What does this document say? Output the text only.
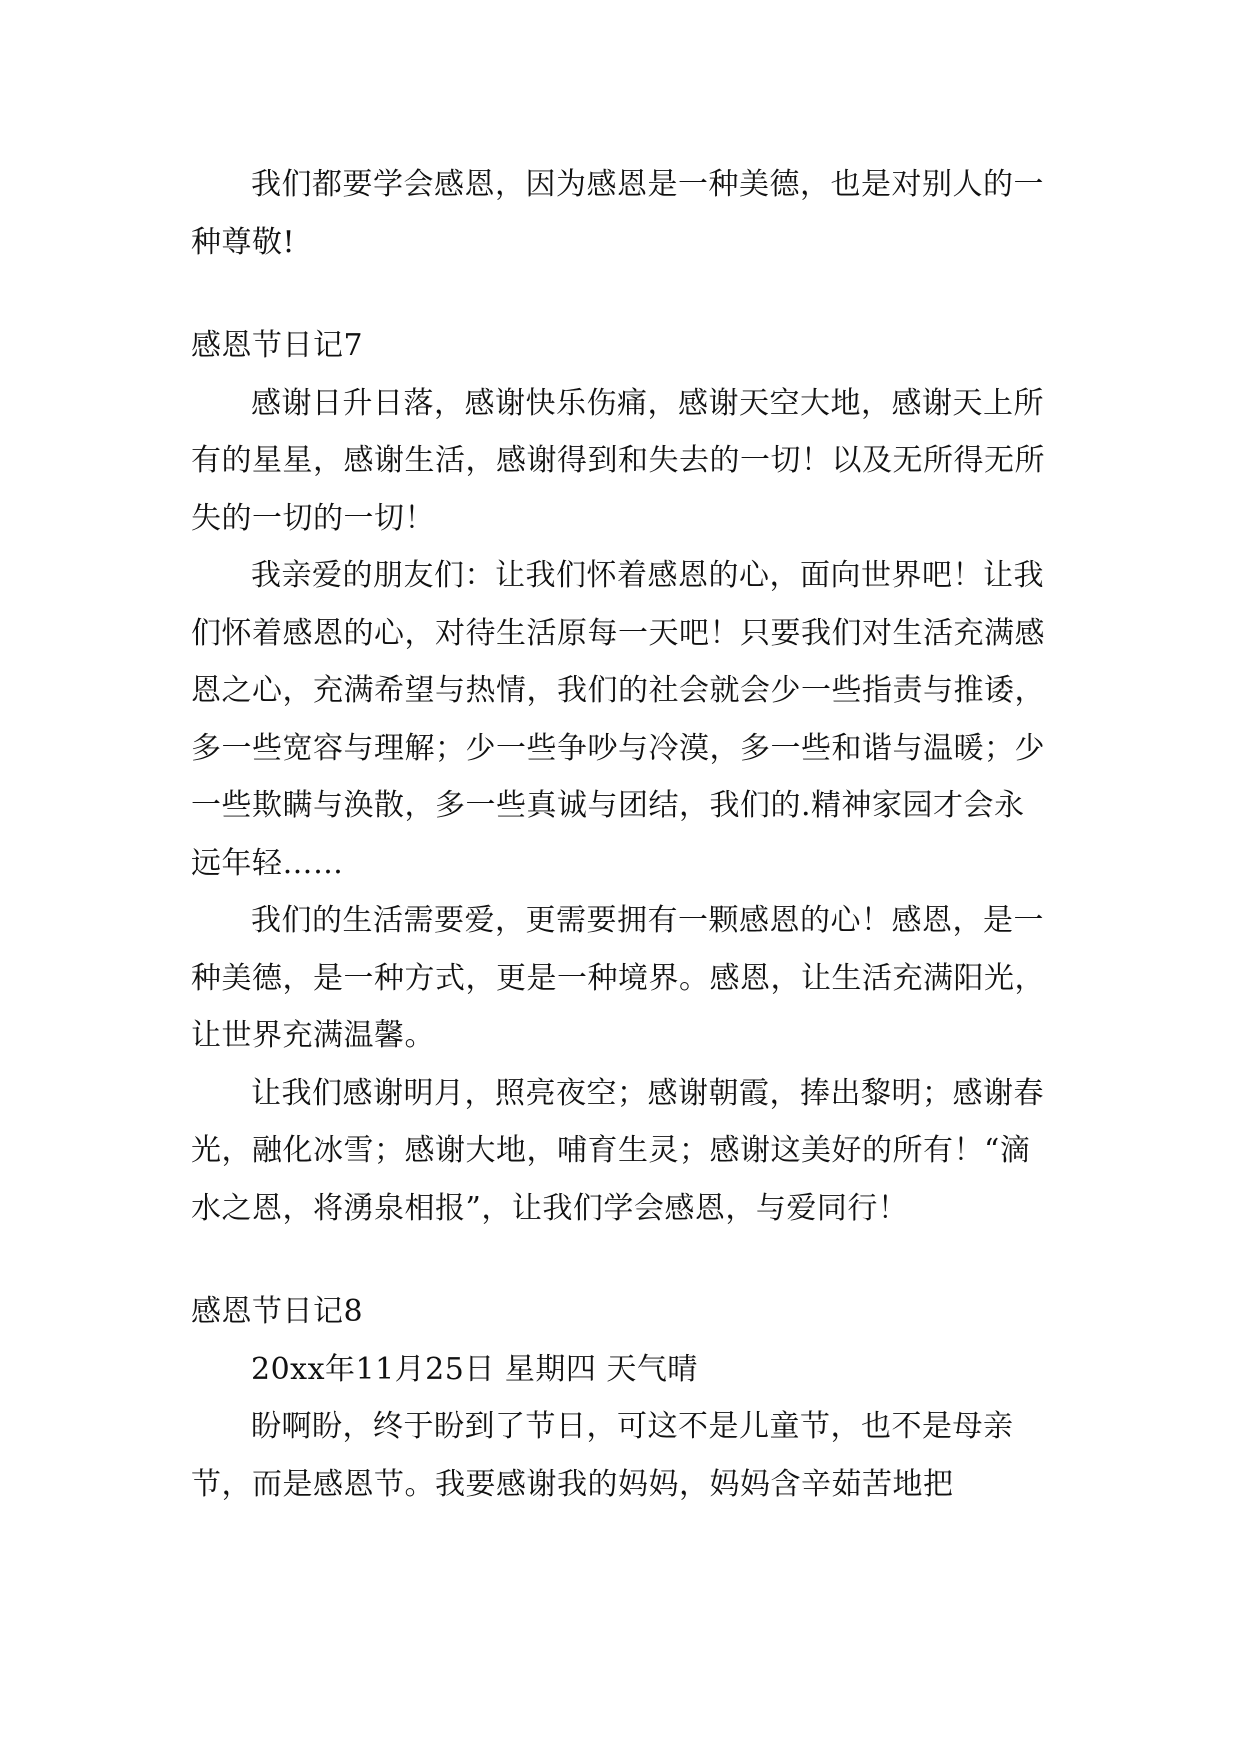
我们都要学会感恩，因为感恩是一种美德，也是对别人的一种尊敬!

感恩节日记7

感谢日升日落，感谢快乐伤痛，感谢天空大地，感谢天上所有的星星，感谢生活，感谢得到和失去的一切！以及无所得无所失的一切的一切！

我亲爱的朋友们：让我们怀着感恩的心，面向世界吧！让我们怀着感恩的心，对待生活原每一天吧！只要我们对生活充满感恩之心，充满希望与热情，我们的社会就会少一些指责与推诿，多一些宽容与理解；少一些争吵与冷漠，多一些和谐与温暖；少一些欺瞒与涣散，多一些真诚与团结，我们的.精神家园才会永远年轻……

我们的生活需要爱，更需要拥有一颗感恩的心！感恩，是一种美德，是一种方式，更是一种境界。感恩，让生活充满阳光，让世界充满温馨。

让我们感谢明月，照亮夜空；感谢朝霞，捧出黎明；感谢春光，融化冰雪；感谢大地，哺育生灵；感谢这美好的所有！“滴水之恩，将湧泉相报”，让我们学会感恩，与爱同行！

感恩节日记8

20xx年11月25日 星期四 天气晴

盼啊盼，终于盼到了节日，可这不是儿童节，也不是母亲节，而是感恩节。我要感谢我的妈妈，妈妈含辛茹苦地把
